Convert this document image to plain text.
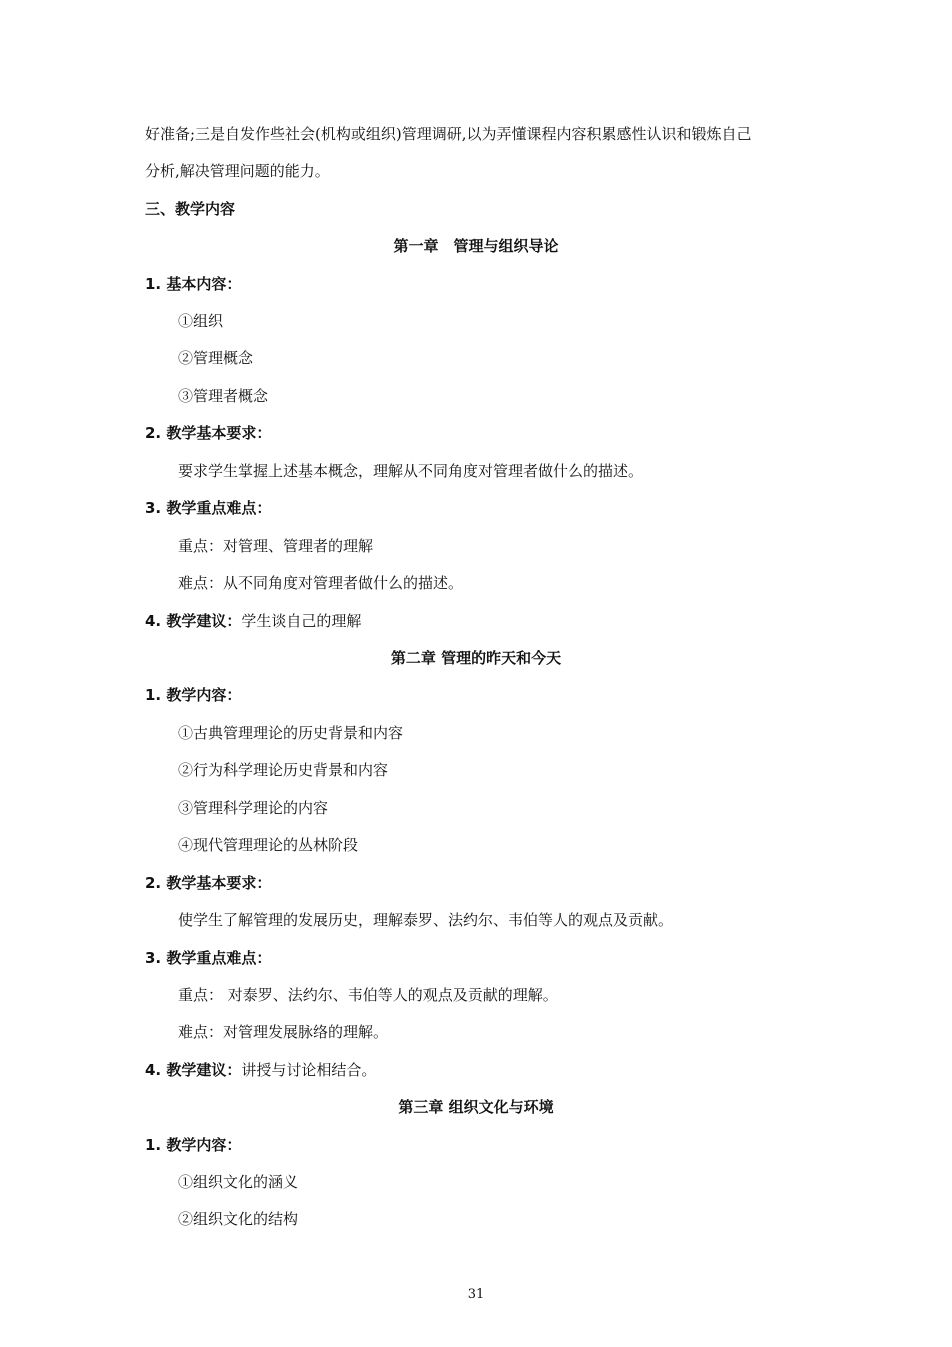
好准备;三是自发作些社会(机构或组织)管理调研,以为弄懂课程内容积累感性认识和锻炼自己
分析,解决管理问题的能力。
三、教学内容
第一章　管理与组织导论
1. 基本内容：
①组织
②管理概念
③管理者概念
2. 教学基本要求：
要求学生掌握上述基本概念，理解从不同角度对管理者做什么的描述。
3. 教学重点难点：
重点：对管理、管理者的理解
难点：从不同角度对管理者做什么的描述。
4. 教学建议：学生谈自己的理解
第二章 管理的昨天和今天
1. 教学内容：
①古典管理理论的历史背景和内容
②行为科学理论历史背景和内容
③管理科学理论的内容
④现代管理理论的丛林阶段
2. 教学基本要求：
使学生了解管理的发展历史，理解泰罗、法约尔、韦伯等人的观点及贡献。
3. 教学重点难点：
重点： 对泰罗、法约尔、韦伯等人的观点及贡献的理解。
难点：对管理发展脉络的理解。
4. 教学建议：讲授与讨论相结合。
第三章 组织文化与环境
1. 教学内容：
①组织文化的涵义
②组织文化的结构
31
